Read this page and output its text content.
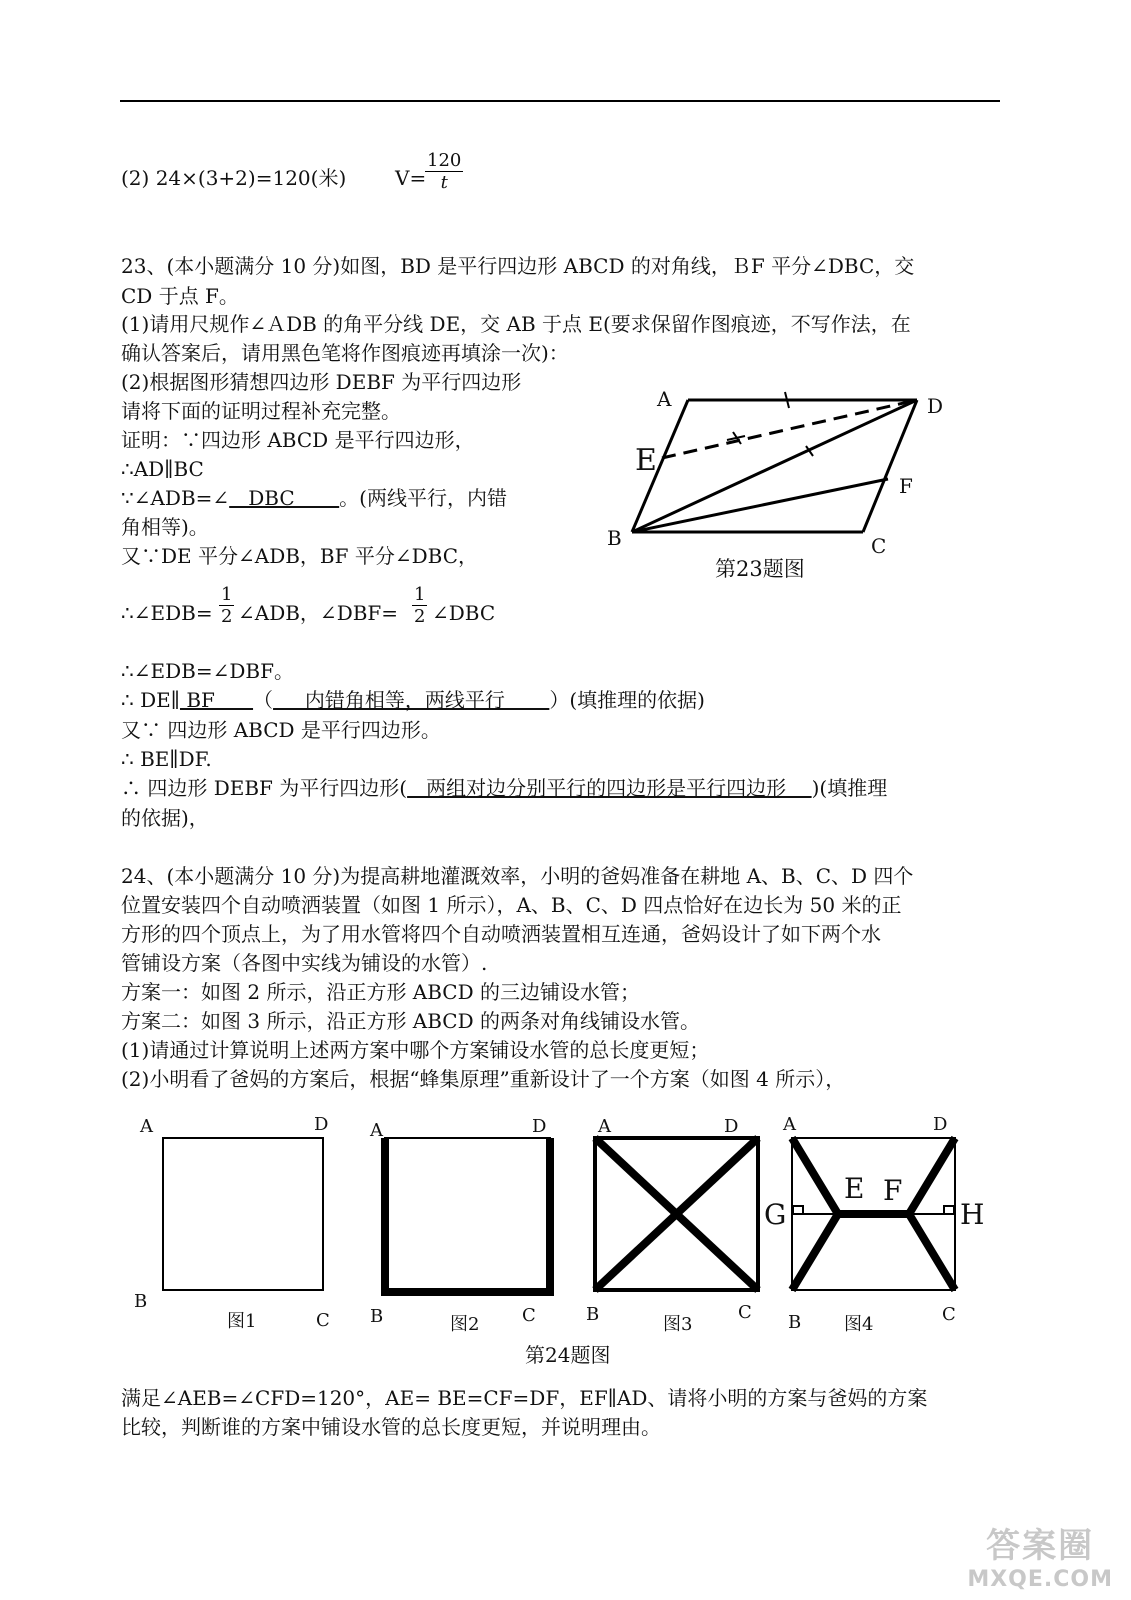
(2) 24×(3+2)=120(米) V=
$\frac{120}{t}$
23、(本小题满分 10 分)如图，BD 是平行四边形 ABCD 的对角线，ＢF 平分∠DBC，交
CD 于点 F。
(1)请用尺规作∠ＡDB 的角平分线 DE，交 AB 于点 E(要求保留作图痕迹，不写作法，在
确认答案后，请用黑色笔将作图痕迹再填涂一次)：
(2)根据图形猜想四边形 DEBF 为平行四边形
请将下面的证明过程补充完整。
证明：∵四边形 ABCD 是平行四边形，
∴AD∥BC
∵∠ADB=∠   DBC       。(两线平行，内错
角相等)。
又∵DE 平分∠ADB，BF 平分∠DBC，
∴∠EDB= $\frac{1}{2}$ ∠ADB，∠DBF= $\frac{1}{2}$ ∠DBC
∴∠EDB=∠DBF。
∴ DE∥ BF      （     内错角相等，两线平行       ）(填推理的依据)
又∵ 四边形 ABCD 是平行四边形。
∴ BE∥DF.
∴ 四边形 DEBF 为平行四边形(   两组对边分别平行的四边形是平行四边形    )(填推理
的依据)，
A	D
B	C
F
E
第23题图
24、(本小题满分 10 分)为提高耕地灌溉效率，小明的爸妈准备在耕地 A、B、C、D 四个
位置安装四个自动喷洒装置（如图 1 所示），A、B、C、D 四点恰好在边长为 50 米的正
方形的四个顶点上，为了用水管将四个自动喷洒装置相互连通，爸妈设计了如下两个水
管铺设方案（各图中实线为铺设的水管）.
方案一：如图 2 所示，沿正方形 ABCD 的三边铺设水管；
方案二：如图 3 所示，沿正方形 ABCD 的两条对角线铺设水管。
(1)请通过计算说明上述两方案中哪个方案铺设水管的总长度更短；
(2)小明看了爸妈的方案后，根据“蜂集原理”重新设计了一个方案（如图 4 所示），
A	D
B
C
图1
A	D
B	C
图2
A	D
B	C
图3
A	D
B	C
E F
G	H
图4
第24题图
满足∠AEB=∠CFD=120°，AE= BE=CF=DF，EF∥AD、请将小明的方案与爸妈的方案
比较，判断谁的方案中铺设水管的总长度更短，并说明理由。
答案圈
MXQE.COM
